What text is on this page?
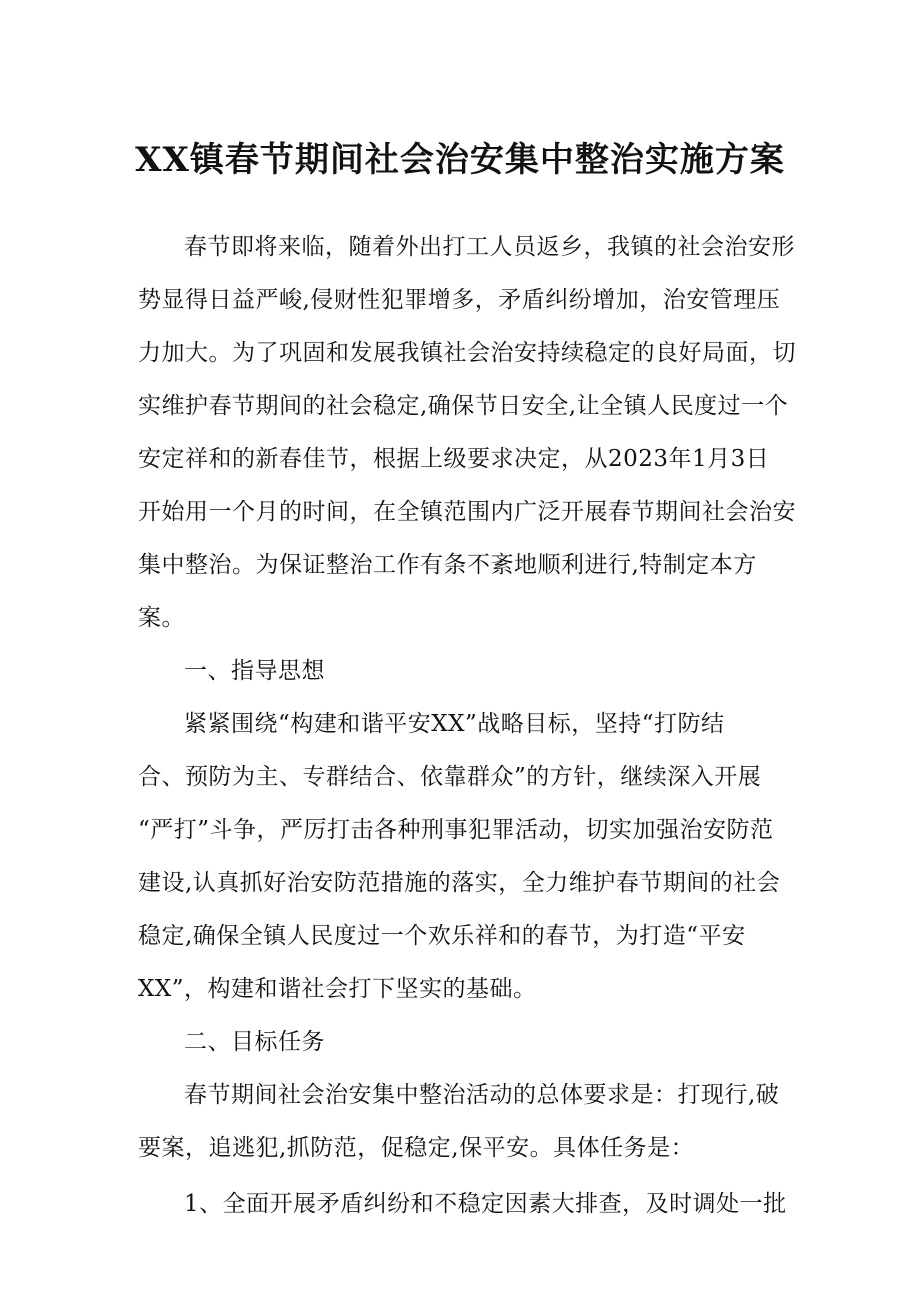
XX镇春节期间社会治安集中整治实施方案
春节即将来临，随着外出打工人员返乡，我镇的社会治安形
势显得日益严峻,侵财性犯罪增多，矛盾纠纷增加，治安管理压
力加大。为了巩固和发展我镇社会治安持续稳定的良好局面，切
实维护春节期间的社会稳定,确保节日安全,让全镇人民度过一个
安定祥和的新春佳节，根据上级要求决定，从2023年1月3日
开始用一个月的时间，在全镇范围内广泛开展春节期间社会治安
集中整治。为保证整治工作有条不紊地顺利进行,特制定本方
案。
一、指导思想
紧紧围绕“构建和谐平安XX”战略目标，坚持“打防结
合、预防为主、专群结合、依靠群众”的方针，继续深入开展
“严打”斗争，严厉打击各种刑事犯罪活动，切实加强治安防范
建设,认真抓好治安防范措施的落实，全力维护春节期间的社会
稳定,确保全镇人民度过一个欢乐祥和的春节，为打造“平安
XX”，构建和谐社会打下坚实的基础。
二、目标任务
春节期间社会治安集中整治活动的总体要求是：打现行,破
要案，追逃犯,抓防范，促稳定,保平安。具体任务是：
1、全面开展矛盾纠纷和不稳定因素大排查，及时调处一批
